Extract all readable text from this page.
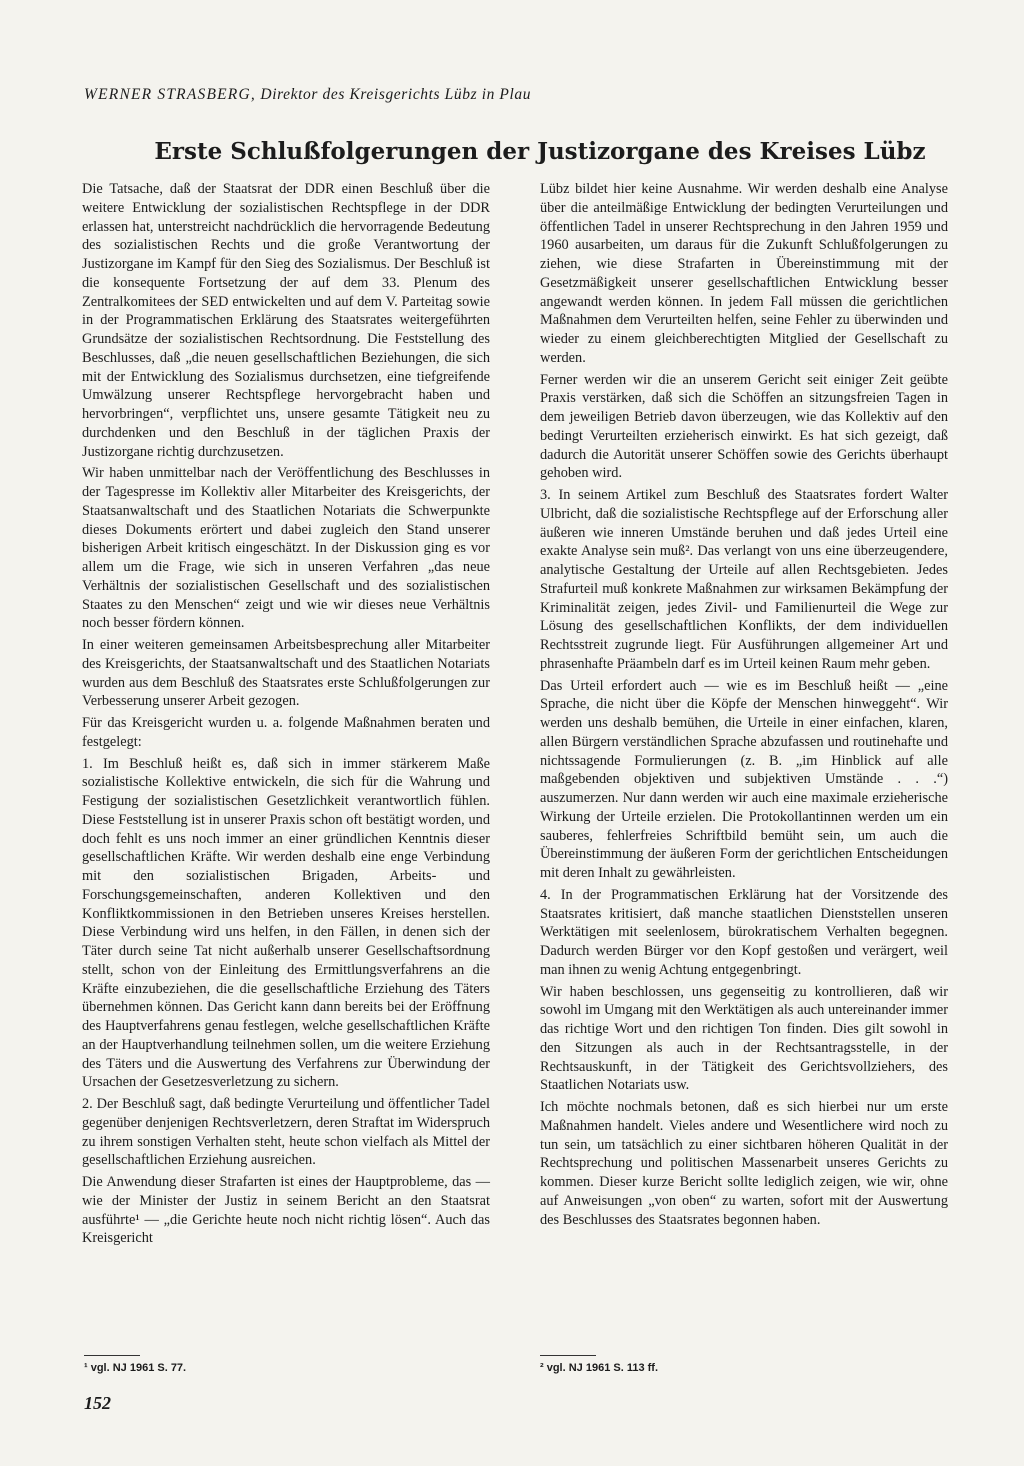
WERNER STRASBERG, Direktor des Kreisgerichts Lübz in Plau
Erste Schlußfolgerungen der Justizorgane des Kreises Lübz

Die Tatsache, daß der Staatsrat der DDR einen Beschluß über die weitere Entwicklung der sozialistischen Rechtspflege in der DDR erlassen hat, unterstreicht nachdrücklich die hervorragende Bedeutung des sozialistischen Rechts und die große Verantwortung der Justizorgane im Kampf für den Sieg des Sozialismus. Der Beschluß ist die konsequente Fortsetzung der auf dem 33. Plenum des Zentralkomitees der SED entwickelten und auf dem V. Parteitag sowie in der Programmatischen Erklärung des Staatsrates weitergeführten Grundsätze der sozialistischen Rechtsordnung. Die Feststellung des Beschlusses, daß „die neuen gesellschaftlichen Beziehungen, die sich mit der Entwicklung des Sozialismus durchsetzen, eine tiefgreifende Umwälzung unserer Rechtspflege hervorgebracht haben und hervorbringen“, verpflichtet uns, unsere gesamte Tätigkeit neu zu durchdenken und den Beschluß in der täglichen Praxis der Justizorgane richtig durchzusetzen.

Wir haben unmittelbar nach der Veröffentlichung des Beschlusses in der Tagespresse im Kollektiv aller Mitarbeiter des Kreisgerichts, der Staatsanwaltschaft und des Staatlichen Notariats die Schwerpunkte dieses Dokuments erörtert und dabei zugleich den Stand unserer bisherigen Arbeit kritisch eingeschätzt. In der Diskussion ging es vor allem um die Frage, wie sich in unseren Verfahren „das neue Verhältnis der sozialistischen Gesellschaft und des sozialistischen Staates zu den Menschen“ zeigt und wie wir dieses neue Verhältnis noch besser fördern können.

In einer weiteren gemeinsamen Arbeitsbesprechung aller Mitarbeiter des Kreisgerichts, der Staatsanwaltschaft und des Staatlichen Notariats wurden aus dem Beschluß des Staatsrates erste Schlußfolgerungen zur Verbesserung unserer Arbeit gezogen.

Für das Kreisgericht wurden u. a. folgende Maßnahmen beraten und festgelegt:

1. Im Beschluß heißt es, daß sich in immer stärkerem Maße sozialistische Kollektive entwickeln, die sich für die Wahrung und Festigung der sozialistischen Gesetzlichkeit verantwortlich fühlen. Diese Feststellung ist in unserer Praxis schon oft bestätigt worden, und doch fehlt es uns noch immer an einer gründlichen Kenntnis dieser gesellschaftlichen Kräfte. Wir werden deshalb eine enge Verbindung mit den sozialistischen Brigaden, Arbeits- und Forschungsgemeinschaften, anderen Kollektiven und den Konfliktkommissionen in den Betrieben unseres Kreises herstellen. Diese Verbindung wird uns helfen, in den Fällen, in denen sich der Täter durch seine Tat nicht außerhalb unserer Gesellschaftsordnung stellt, schon von der Einleitung des Ermittlungsverfahrens an die Kräfte einzubeziehen, die die gesellschaftliche Erziehung des Täters übernehmen können. Das Gericht kann dann bereits bei der Eröffnung des Hauptverfahrens genau festlegen, welche gesellschaftlichen Kräfte an der Hauptverhandlung teilnehmen sollen, um die weitere Erziehung des Täters und die Auswertung des Verfahrens zur Überwindung der Ursachen der Gesetzesverletzung zu sichern.

2. Der Beschluß sagt, daß bedingte Verurteilung und öffentlicher Tadel gegenüber denjenigen Rechtsverletzern, deren Straftat im Widerspruch zu ihrem sonstigen Verhalten steht, heute schon vielfach als Mittel der gesellschaftlichen Erziehung ausreichen.

Die Anwendung dieser Strafarten ist eines der Hauptprobleme, das — wie der Minister der Justiz in seinem Bericht an den Staatsrat ausführte¹ — „die Gerichte heute noch nicht richtig lösen“. Auch das Kreisgericht

Lübz bildet hier keine Ausnahme. Wir werden deshalb eine Analyse über die anteilmäßige Entwicklung der bedingten Verurteilungen und öffentlichen Tadel in unserer Rechtsprechung in den Jahren 1959 und 1960 ausarbeiten, um daraus für die Zukunft Schlußfolgerungen zu ziehen, wie diese Strafarten in Übereinstimmung mit der Gesetzmäßigkeit unserer gesellschaftlichen Entwicklung besser angewandt werden können. In jedem Fall müssen die gerichtlichen Maßnahmen dem Verurteilten helfen, seine Fehler zu überwinden und wieder zu einem gleichberechtigten Mitglied der Gesellschaft zu werden.

Ferner werden wir die an unserem Gericht seit einiger Zeit geübte Praxis verstärken, daß sich die Schöffen an sitzungsfreien Tagen in dem jeweiligen Betrieb davon überzeugen, wie das Kollektiv auf den bedingt Verurteilten erzieherisch einwirkt. Es hat sich gezeigt, daß dadurch die Autorität unserer Schöffen sowie des Gerichts überhaupt gehoben wird.

3. In seinem Artikel zum Beschluß des Staatsrates fordert Walter Ulbricht, daß die sozialistische Rechtspflege auf der Erforschung aller äußeren wie inneren Umstände beruhen und daß jedes Urteil eine exakte Analyse sein muß². Das verlangt von uns eine überzeugendere, analytische Gestaltung der Urteile auf allen Rechtsgebieten. Jedes Strafurteil muß konkrete Maßnahmen zur wirksamen Bekämpfung der Kriminalität zeigen, jedes Zivil- und Familienurteil die Wege zur Lösung des gesellschaftlichen Konflikts, der dem individuellen Rechtsstreit zugrunde liegt. Für Ausführungen allgemeiner Art und phrasenhafte Präambeln darf es im Urteil keinen Raum mehr geben.

Das Urteil erfordert auch — wie es im Beschluß heißt — „eine Sprache, die nicht über die Köpfe der Menschen hinweggeht“. Wir werden uns deshalb bemühen, die Urteile in einer einfachen, klaren, allen Bürgern verständlichen Sprache abzufassen und routinehafte und nichtssagende Formulierungen (z. B. „im Hinblick auf alle maßgebenden objektiven und subjektiven Umstände . . .“) auszumerzen. Nur dann werden wir auch eine maximale erzieherische Wirkung der Urteile erzielen. Die Protokollantinnen werden um ein sauberes, fehlerfreies Schriftbild bemüht sein, um auch die Übereinstimmung der äußeren Form der gerichtlichen Entscheidungen mit deren Inhalt zu gewährleisten.

4. In der Programmatischen Erklärung hat der Vorsitzende des Staatsrates kritisiert, daß manche staatlichen Dienststellen unseren Werktätigen mit seelenlosem, bürokratischem Verhalten begegnen. Dadurch werden Bürger vor den Kopf gestoßen und verärgert, weil man ihnen zu wenig Achtung entgegenbringt.

Wir haben beschlossen, uns gegenseitig zu kontrollieren, daß wir sowohl im Umgang mit den Werktätigen als auch untereinander immer das richtige Wort und den richtigen Ton finden. Dies gilt sowohl in den Sitzungen als auch in der Rechtsantragsstelle, in der Rechtsauskunft, in der Tätigkeit des Gerichtsvollziehers, des Staatlichen Notariats usw.

Ich möchte nochmals betonen, daß es sich hierbei nur um erste Maßnahmen handelt. Vieles andere und Wesentlichere wird noch zu tun sein, um tatsächlich zu einer sichtbaren höheren Qualität in der Rechtsprechung und politischen Massenarbeit unseres Gerichts zu kommen. Dieser kurze Bericht sollte lediglich zeigen, wie wir, ohne auf Anweisungen „von oben“ zu warten, sofort mit der Auswertung des Beschlusses des Staatsrates begonnen haben.

¹ vgl. NJ 1961 S. 77.	² vgl. NJ 1961 S. 113 ff.
152
